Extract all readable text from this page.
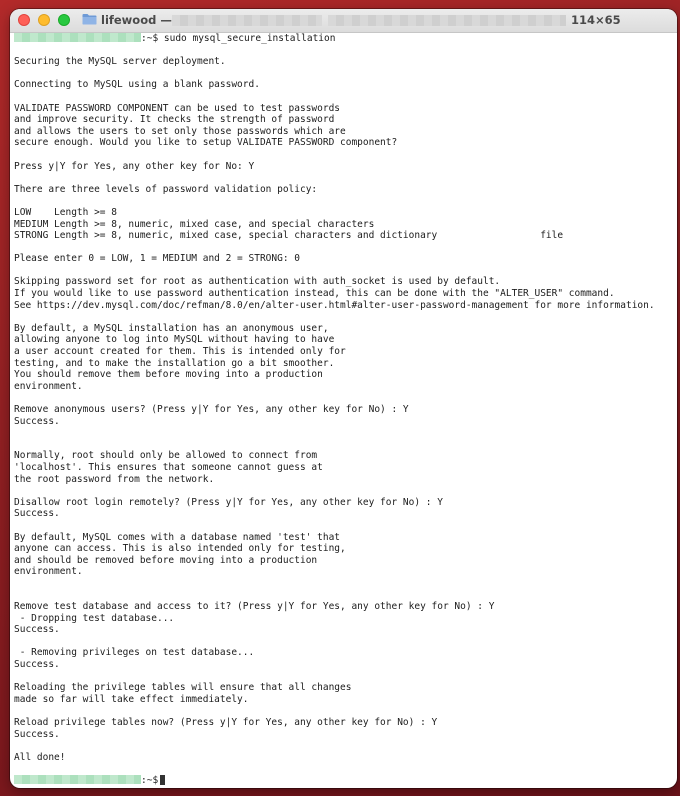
lifewood —	114×65
:~$ sudo mysql_secure_installation
Securing the MySQL server deployment.
Connecting to MySQL using a blank password.
VALIDATE PASSWORD COMPONENT can be used to test passwords
and improve security. It checks the strength of password
and allows the users to set only those passwords which are
secure enough. Would you like to setup VALIDATE PASSWORD component?
Press y|Y for Yes, any other key for No: Y
There are three levels of password validation policy:
LOW    Length >= 8
MEDIUM Length >= 8, numeric, mixed case, and special characters
STRONG Length >= 8, numeric, mixed case, special characters and dictionary                  file
Please enter 0 = LOW, 1 = MEDIUM and 2 = STRONG: 0
Skipping password set for root as authentication with auth_socket is used by default.
If you would like to use password authentication instead, this can be done with the "ALTER_USER" command.
See https://dev.mysql.com/doc/refman/8.0/en/alter-user.html#alter-user-password-management for more information.
By default, a MySQL installation has an anonymous user,
allowing anyone to log into MySQL without having to have
a user account created for them. This is intended only for
testing, and to make the installation go a bit smoother.
You should remove them before moving into a production
environment.
Remove anonymous users? (Press y|Y for Yes, any other key for No) : Y
Success.
Normally, root should only be allowed to connect from
'localhost'. This ensures that someone cannot guess at
the root password from the network.
Disallow root login remotely? (Press y|Y for Yes, any other key for No) : Y
Success.
By default, MySQL comes with a database named 'test' that
anyone can access. This is also intended only for testing,
and should be removed before moving into a production
environment.
Remove test database and access to it? (Press y|Y for Yes, any other key for No) : Y
- Dropping test database...
Success.
- Removing privileges on test database...
Success.
Reloading the privilege tables will ensure that all changes
made so far will take effect immediately.
Reload privilege tables now? (Press y|Y for Yes, any other key for No) : Y
Success.
All done!
:~$
